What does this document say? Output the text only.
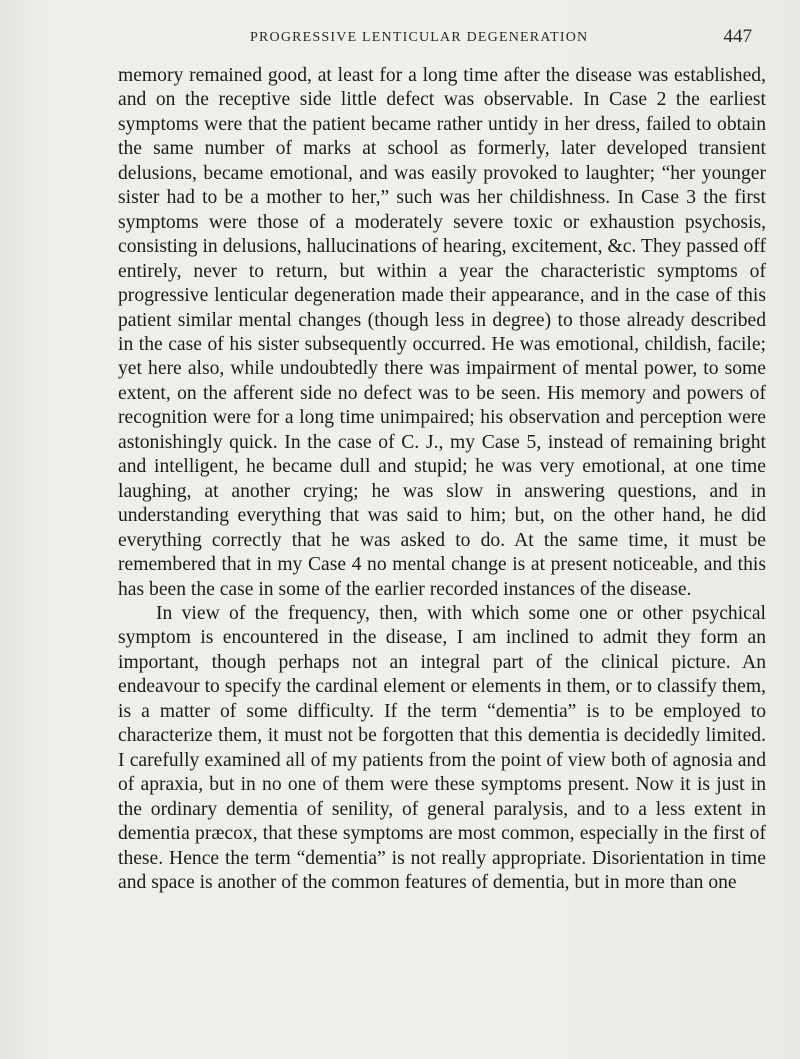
PROGRESSIVE LENTICULAR DEGENERATION	447

memory remained good, at least for a long time after the disease was established, and on the receptive side little defect was observable. In Case 2 the earliest symptoms were that the patient became rather untidy in her dress, failed to obtain the same number of marks at school as formerly, later developed transient delusions, became emotional, and was easily provoked to laughter; “her younger sister had to be a mother to her,” such was her childishness. In Case 3 the first symptoms were those of a moderately severe toxic or exhaustion psychosis, consisting in delusions, hallucinations of hearing, excitement, &c. They passed off entirely, never to return, but within a year the characteristic symptoms of progressive lenticular degeneration made their appearance, and in the case of this patient similar mental changes (though less in degree) to those already described in the case of his sister subsequently occurred. He was emotional, childish, facile; yet here also, while undoubtedly there was impairment of mental power, to some extent, on the afferent side no defect was to be seen. His memory and powers of recognition were for a long time unimpaired; his observation and perception were astonishingly quick. In the case of C. J., my Case 5, instead of remaining bright and intelligent, he became dull and stupid; he was very emotional, at one time laughing, at another crying; he was slow in answering questions, and in understanding everything that was said to him; but, on the other hand, he did everything correctly that he was asked to do. At the same time, it must be remembered that in my Case 4 no mental change is at present noticeable, and this has been the case in some of the earlier recorded instances of the disease.

In view of the frequency, then, with which some one or other psychical symptom is encountered in the disease, I am inclined to admit they form an important, though perhaps not an integral part of the clinical picture. An endeavour to specify the cardinal element or elements in them, or to classify them, is a matter of some difficulty. If the term “dementia” is to be employed to characterize them, it must not be forgotten that this dementia is decidedly limited. I carefully examined all of my patients from the point of view both of agnosia and of apraxia, but in no one of them were these symptoms present. Now it is just in the ordinary dementia of senility, of general paralysis, and to a less extent in dementia præcox, that these symptoms are most common, especially in the first of these. Hence the term “dementia” is not really appropriate. Disorientation in time and space is another of the common features of dementia, but in more than one
